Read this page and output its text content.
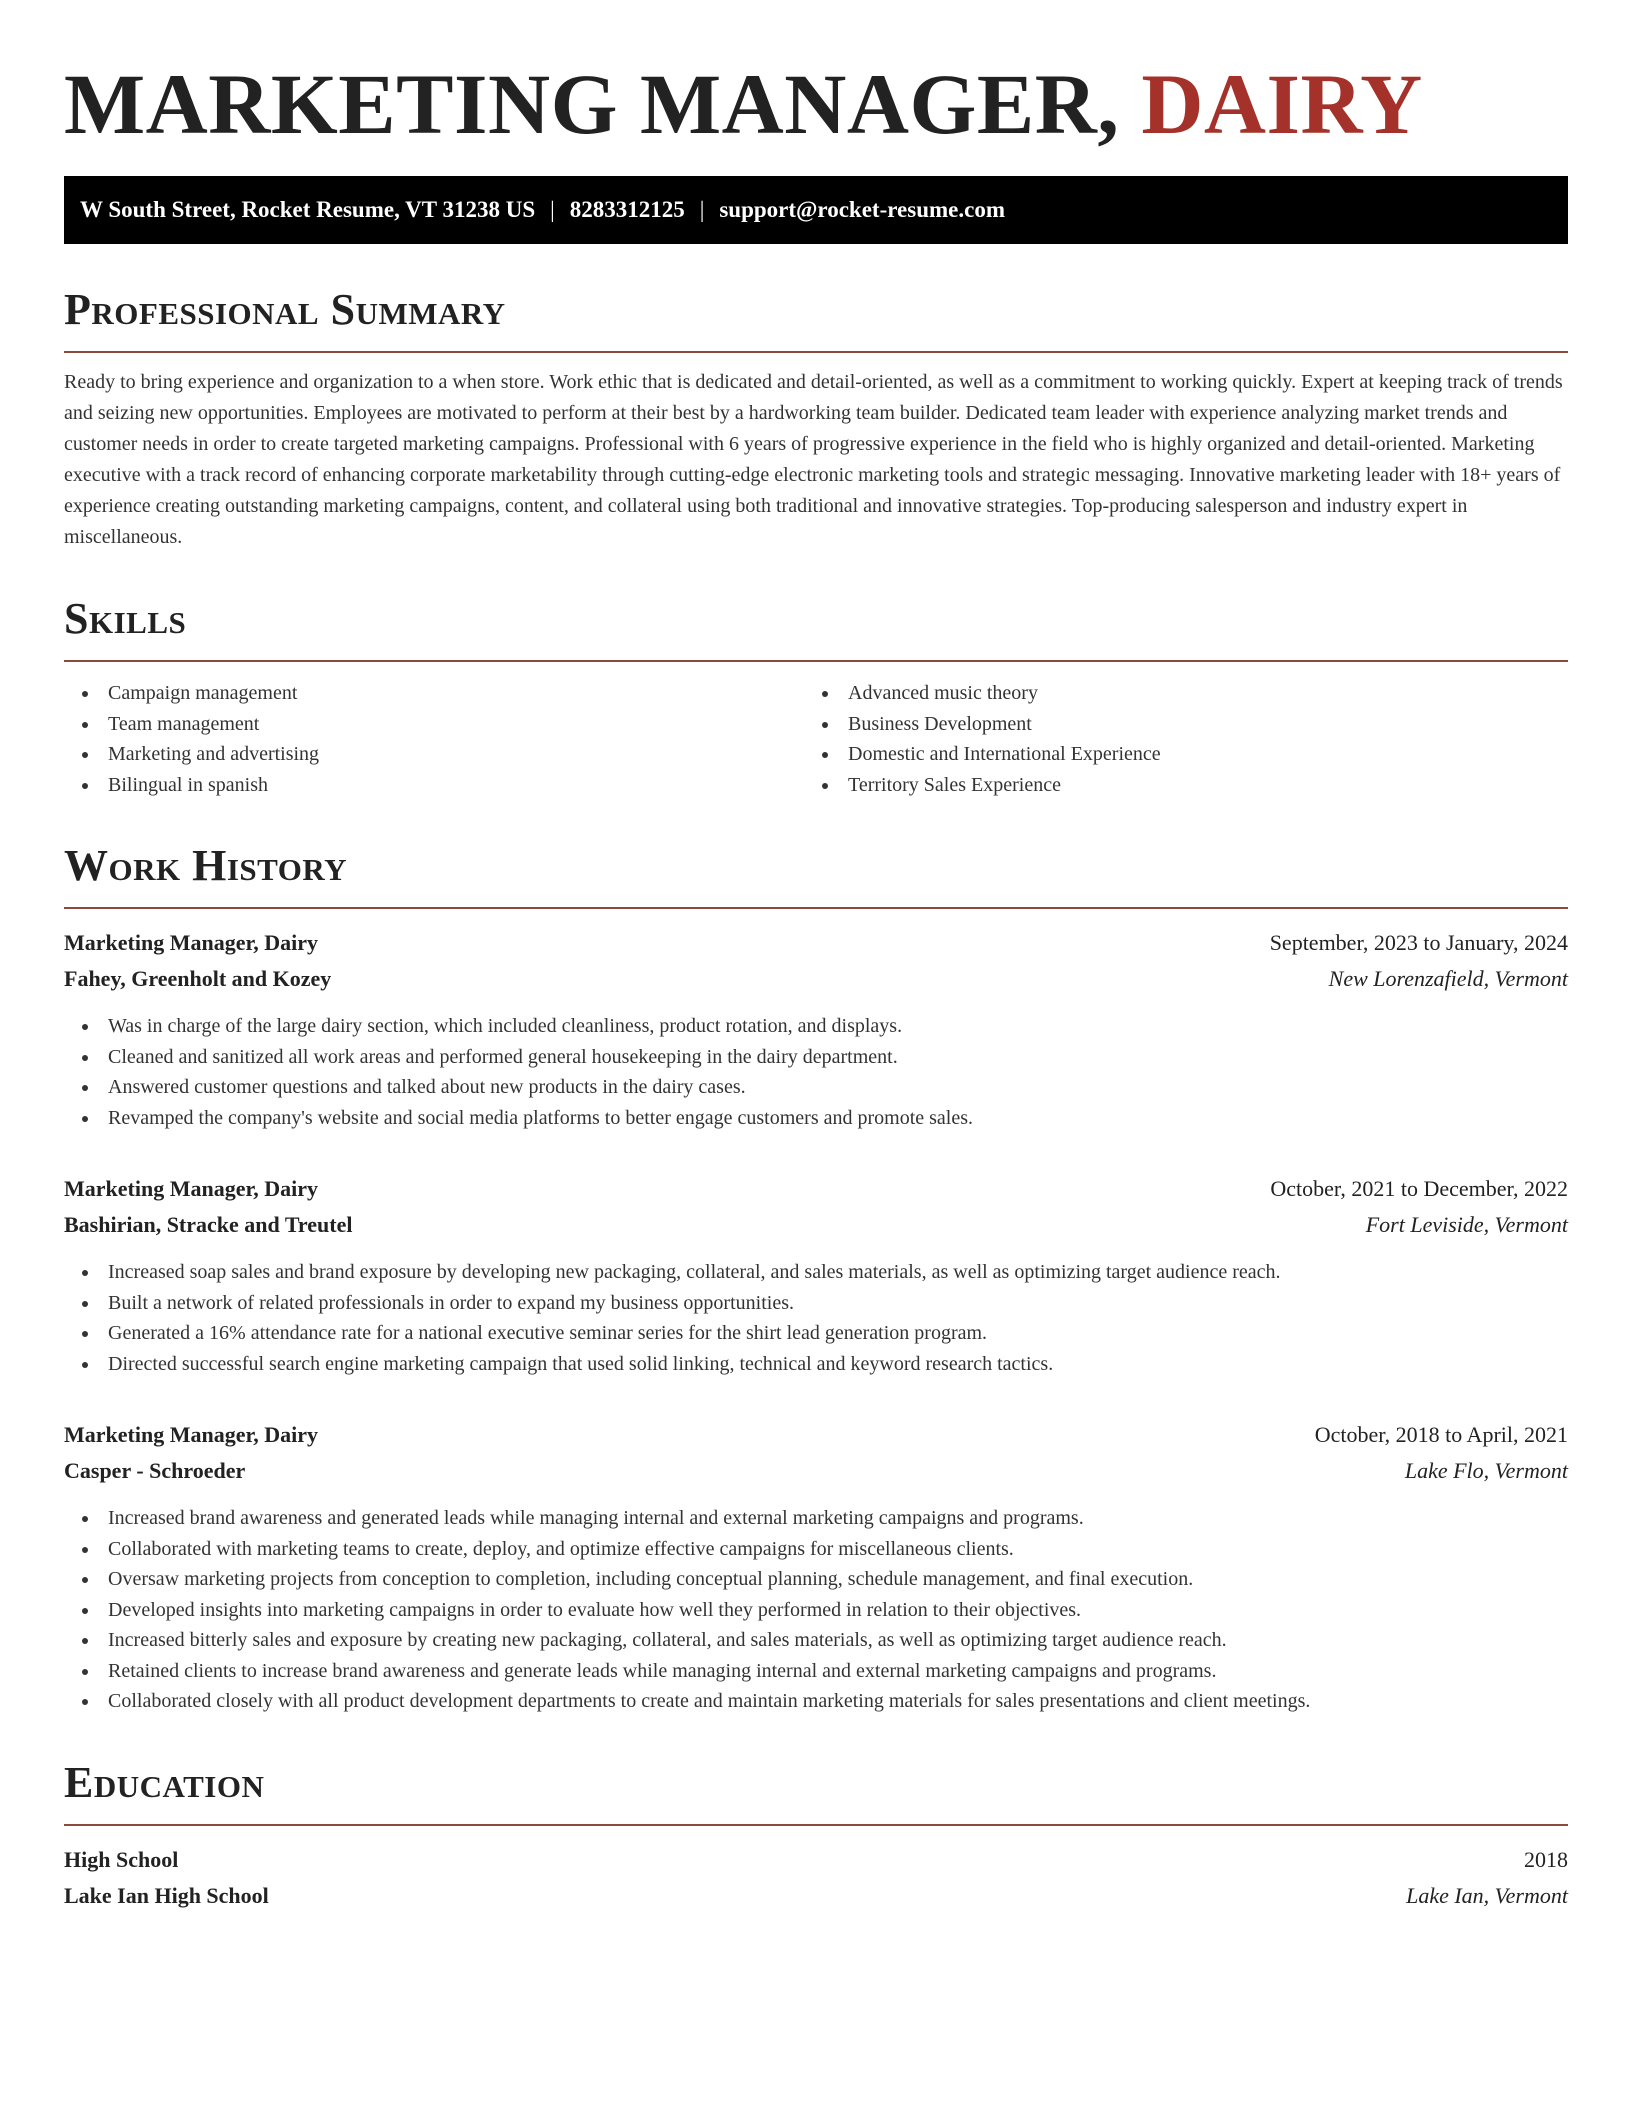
MARKETING MANAGER, DAIRY
W South Street, Rocket Resume, VT 31238 US | 8283312125 | support@rocket-resume.com
Professional Summary

Ready to bring experience and organization to a when store. Work ethic that is dedicated and detail-oriented, as well as a commitment to working quickly. Expert at keeping track of trends and seizing new opportunities. Employees are motivated to perform at their best by a hardworking team builder. Dedicated team leader with experience analyzing market trends and customer needs in order to create targeted marketing campaigns. Professional with 6 years of progressive experience in the field who is highly organized and detail-oriented. Marketing executive with a track record of enhancing corporate marketability through cutting-edge electronic marketing tools and strategic messaging. Innovative marketing leader with 18+ years of experience creating outstanding marketing campaigns, content, and collateral using both traditional and innovative strategies. Top-producing salesperson and industry expert in miscellaneous.

Skills
Campaign management
Team management
Marketing and advertising
Bilingual in spanish
Advanced music theory
Business Development
Domestic and International Experience
Territory Sales Experience
Work History
Marketing Manager, Dairy	September, 2023 to January, 2024
Fahey, Greenholt and Kozey	New Lorenzafield, Vermont
Was in charge of the large dairy section, which included cleanliness, product rotation, and displays.
Cleaned and sanitized all work areas and performed general housekeeping in the dairy department.
Answered customer questions and talked about new products in the dairy cases.
Revamped the company's website and social media platforms to better engage customers and promote sales.
Marketing Manager, Dairy	October, 2021 to December, 2022
Bashirian, Stracke and Treutel	Fort Leviside, Vermont
Increased soap sales and brand exposure by developing new packaging, collateral, and sales materials, as well as optimizing target audience reach.
Built a network of related professionals in order to expand my business opportunities.
Generated a 16% attendance rate for a national executive seminar series for the shirt lead generation program.
Directed successful search engine marketing campaign that used solid linking, technical and keyword research tactics.
Marketing Manager, Dairy	October, 2018 to April, 2021
Casper - Schroeder	Lake Flo, Vermont
Increased brand awareness and generated leads while managing internal and external marketing campaigns and programs.
Collaborated with marketing teams to create, deploy, and optimize effective campaigns for miscellaneous clients.
Oversaw marketing projects from conception to completion, including conceptual planning, schedule management, and final execution.
Developed insights into marketing campaigns in order to evaluate how well they performed in relation to their objectives.
Increased bitterly sales and exposure by creating new packaging, collateral, and sales materials, as well as optimizing target audience reach.
Retained clients to increase brand awareness and generate leads while managing internal and external marketing campaigns and programs.
Collaborated closely with all product development departments to create and maintain marketing materials for sales presentations and client meetings.
Education
High School	2018
Lake Ian High School	Lake Ian, Vermont
